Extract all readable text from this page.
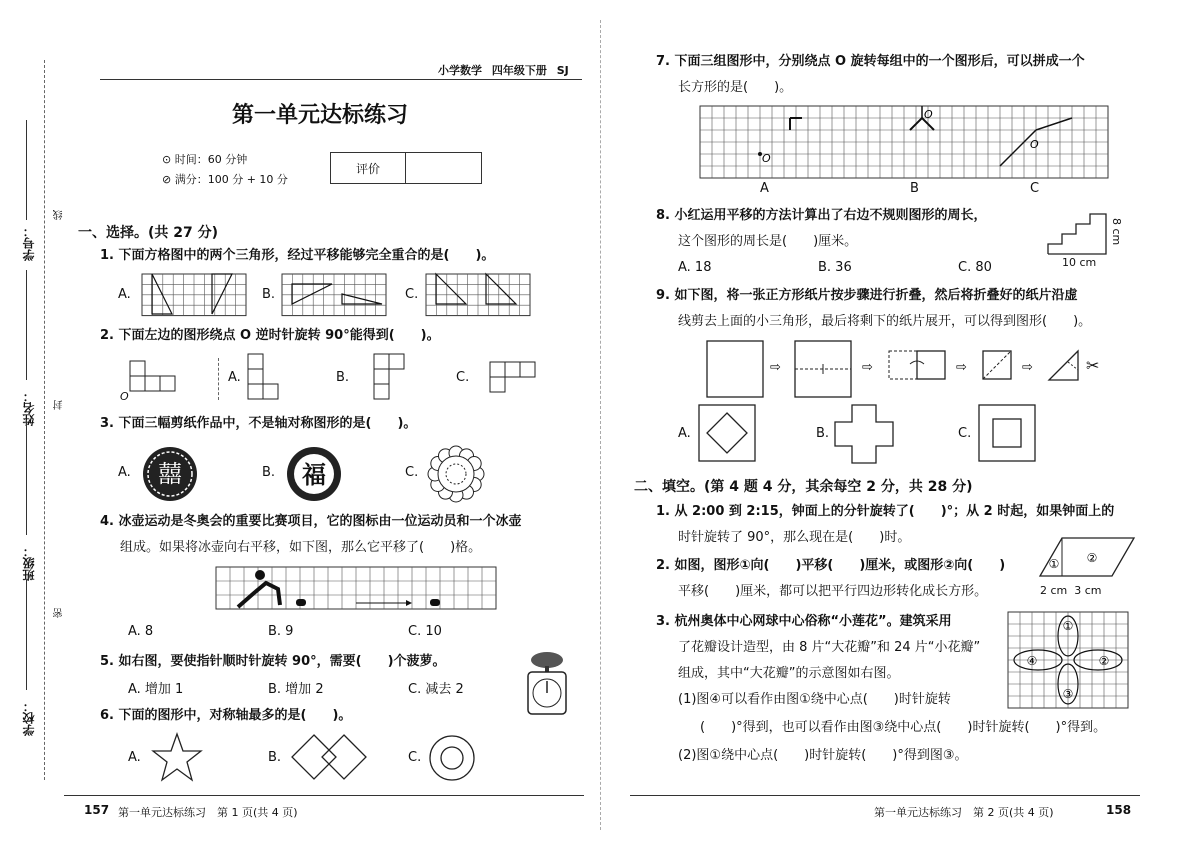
学号：
姓名：
班级：
学校：
线
封
密
小学数学 四年级下册 SJ
第一单元达标练习
⊙ 时间：60 分钟
⊘ 满分：100 分 + 10 分
评价
一、选择。(共 27 分)
1. 下面方格图中的两个三角形，经过平移能够完全重合的是(　　)。
A.	B.	C.
2. 下面左边的图形绕点 O 逆时针旋转 90°能得到(　　)。
O
A.	B.	C.
3. 下面三幅剪纸作品中，不是轴对称图形的是(　　)。
A. 囍	B. 福	C.
4. 冰壶运动是冬奥会的重要比赛项目，它的图标由一位运动员和一个冰壶
组成。如果将冰壶向右平移，如下图，那么它平移了(　　)格。
A. 8	B. 9	C. 10
5. 如右图，要使指针顺时针旋转 90°，需要(　　)个菠萝。
A. 增加 1	B. 增加 2	C. 减去 2
6. 下面的图形中，对称轴最多的是(　　)。
A.	B.	C.
157 第一单元达标练习　第 1 页(共 4 页)
7. 下面三组图形中，分别绕点 O 旋转每组中的一个图形后，可以拼成一个
长方形的是(　　)。
O
O
O
A	B	C
8. 小红运用平移的方法计算出了右边不规则图形的周长，
这个图形的周长是(　　)厘米。
A. 18	B. 36	C. 80	10 cm
8 cm
9. 如下图，将一张正方形纸片按步骤进行折叠，然后将折叠好的纸片沿虚
线剪去上面的小三角形，最后将剩下的纸片展开，可以得到图形(　　)。
⇨	⇨	⇨	⇨	✂
A.	B.	C.
二、填空。(第 4 题 4 分，其余每空 2 分，共 28 分)
1. 从 2:00 到 2:15，钟面上的分针旋转了(　　)°；从 2 时起，如果钟面上的
时针旋转了 90°，那么现在是(　　)时。
2. 如图，图形①向(　　)平移(　　)厘米，或图形②向(　　)
平移(　　)厘米，都可以把平行四边形转化成长方形。
① ②
2 cm  3 cm
3. 杭州奥体中心网球中心俗称“小莲花”。建筑采用
了花瓣设计造型，由 8 片“大花瓣”和 24 片“小花瓣”
组成，其中“大花瓣”的示意图如右图。
(1)图④可以看作由图①绕中心点(　　)时针旋转
(　　)°得到，也可以看作由图③绕中心点(　　)时针旋转(　　)°得到。
(2)图①绕中心点(　　)时针旋转(　　)°得到图③。
①
②
③
④
第一单元达标练习　第 2 页(共 4 页)	158
